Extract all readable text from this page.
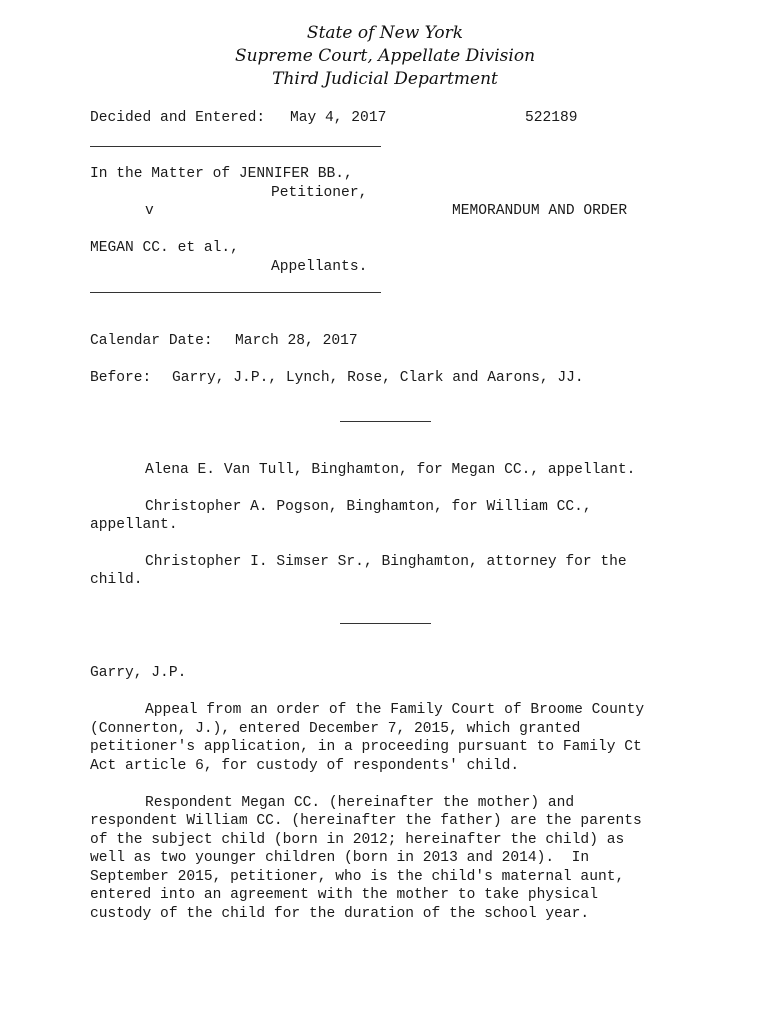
State of New York
Supreme Court, Appellate Division
Third Judicial Department
Decided and Entered: May 4, 2017	522189
In the Matter of JENNIFER BB.,
Petitioner,
v	MEMORANDUM AND ORDER
MEGAN CC. et al.,
Appellants.
Calendar Date: March 28, 2017
Before: Garry, J.P., Lynch, Rose, Clark and Aarons, JJ.
Alena E. Van Tull, Binghamton, for Megan CC., appellant.
Christopher A. Pogson, Binghamton, for William CC.,
appellant.
Christopher I. Simser Sr., Binghamton, attorney for the
child.
Garry, J.P.
Appeal from an order of the Family Court of Broome County
(Connerton, J.), entered December 7, 2015, which granted
petitioner's application, in a proceeding pursuant to Family Ct
Act article 6, for custody of respondents' child.
Respondent Megan CC. (hereinafter the mother) and
respondent William CC. (hereinafter the father) are the parents
of the subject child (born in 2012; hereinafter the child) as
well as two younger children (born in 2013 and 2014).  In
September 2015, petitioner, who is the child's maternal aunt,
entered into an agreement with the mother to take physical
custody of the child for the duration of the school year.
